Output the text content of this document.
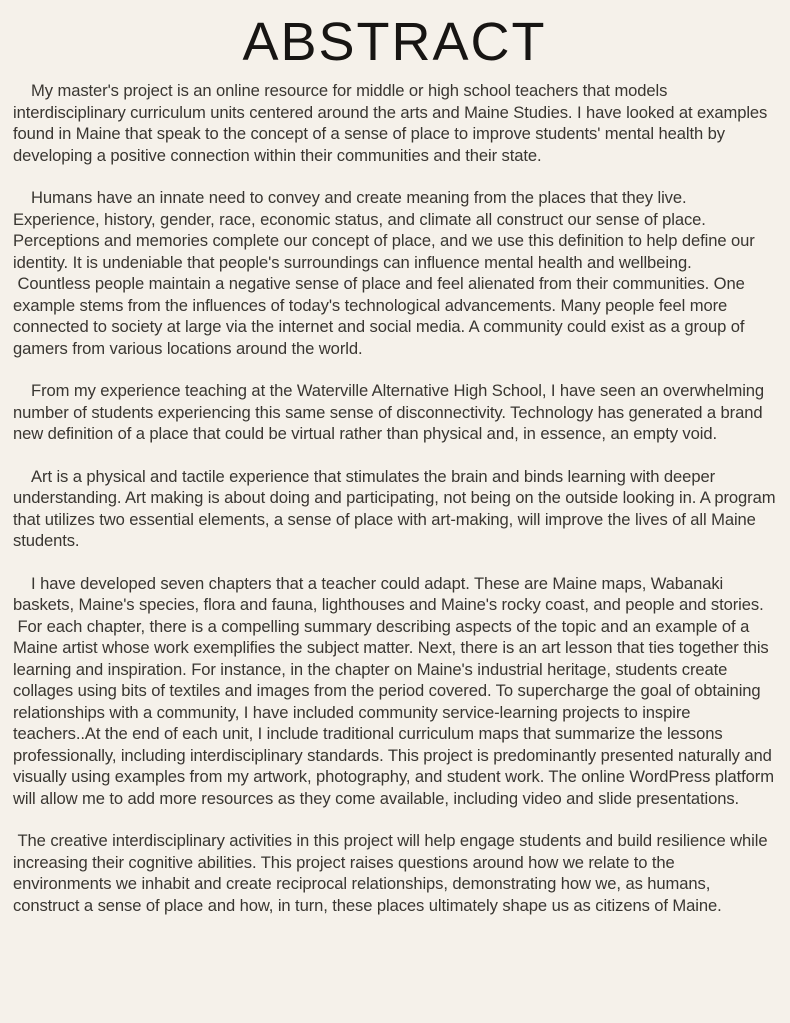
ABSTRACT

My master's project is an online resource for middle or high school teachers that models interdisciplinary curriculum units centered around the arts and Maine Studies. I have looked at examples found in Maine that speak to the concept of a sense of place to improve students' mental health by developing a positive connection within their communities and their state.

Humans have an innate need to convey and create meaning from the places that they live. Experience, history, gender, race, economic status, and climate all construct our sense of place. Perceptions and memories complete our concept of place, and we use this definition to help define our identity. It is undeniable that people's surroundings can influence mental health and wellbeing.

Countless people maintain a negative sense of place and feel alienated from their communities. One example stems from the influences of today's technological advancements. Many people feel more connected to society at large via the internet and social media. A community could exist as a group of gamers from various locations around the world.

From my experience teaching at the Waterville Alternative High School, I have seen an overwhelming number of students experiencing this same sense of disconnectivity. Technology has generated a brand new definition of a place that could be virtual rather than physical and, in essence, an empty void.

Art is a physical and tactile experience that stimulates the brain and binds learning with deeper understanding. Art making is about doing and participating, not being on the outside looking in. A program that utilizes two essential elements, a sense of place with art-making, will improve the lives of all Maine students.

I have developed seven chapters that a teacher could adapt. These are Maine maps, Wabanaki baskets, Maine's species, flora and fauna, lighthouses and Maine's rocky coast, and people and stories.

For each chapter, there is a compelling summary describing aspects of the topic and an example of a Maine artist whose work exemplifies the subject matter. Next, there is an art lesson that ties together this learning and inspiration. For instance, in the chapter on Maine's industrial heritage, students create collages using bits of textiles and images from the period covered. To supercharge the goal of obtaining relationships with a community, I have included community service-learning projects to inspire teachers..At the end of each unit, I include traditional curriculum maps that summarize the lessons professionally, including interdisciplinary standards. This project is predominantly presented naturally and visually using examples from my artwork, photography, and student work. The online WordPress platform will allow me to add more resources as they come available, including video and slide presentations.

The creative interdisciplinary activities in this project will help engage students and build resilience while increasing their cognitive abilities. This project raises questions around how we relate to the environments we inhabit and create reciprocal relationships, demonstrating how we, as humans, construct a sense of place and how, in turn, these places ultimately shape us as citizens of Maine.
